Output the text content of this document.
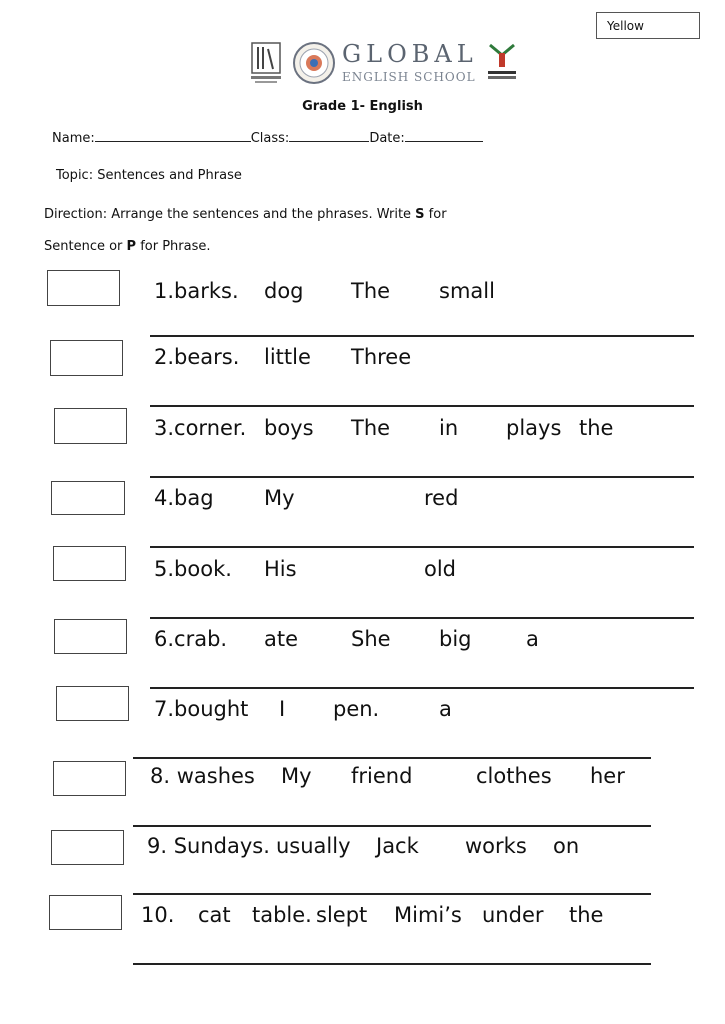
Yellow
GLOBAL
ENGLISH SCHOOL
Grade 1- English
Name:	Class:	Date:
Topic: Sentences and Phrase
Direction: Arrange the sentences and the phrases. Write S for
Sentence or P for Phrase.
1.barks. dog The small
2.bears. little Three
3.corner. boys The in plays the
4.bag My	red
5.book. His	old
6.crab. ate	She big	a
7.bought I pen.	a
8. washes My friend	clothes her
9. Sundays. usually Jack works on
10. cat table. slept Mimi’s under the
